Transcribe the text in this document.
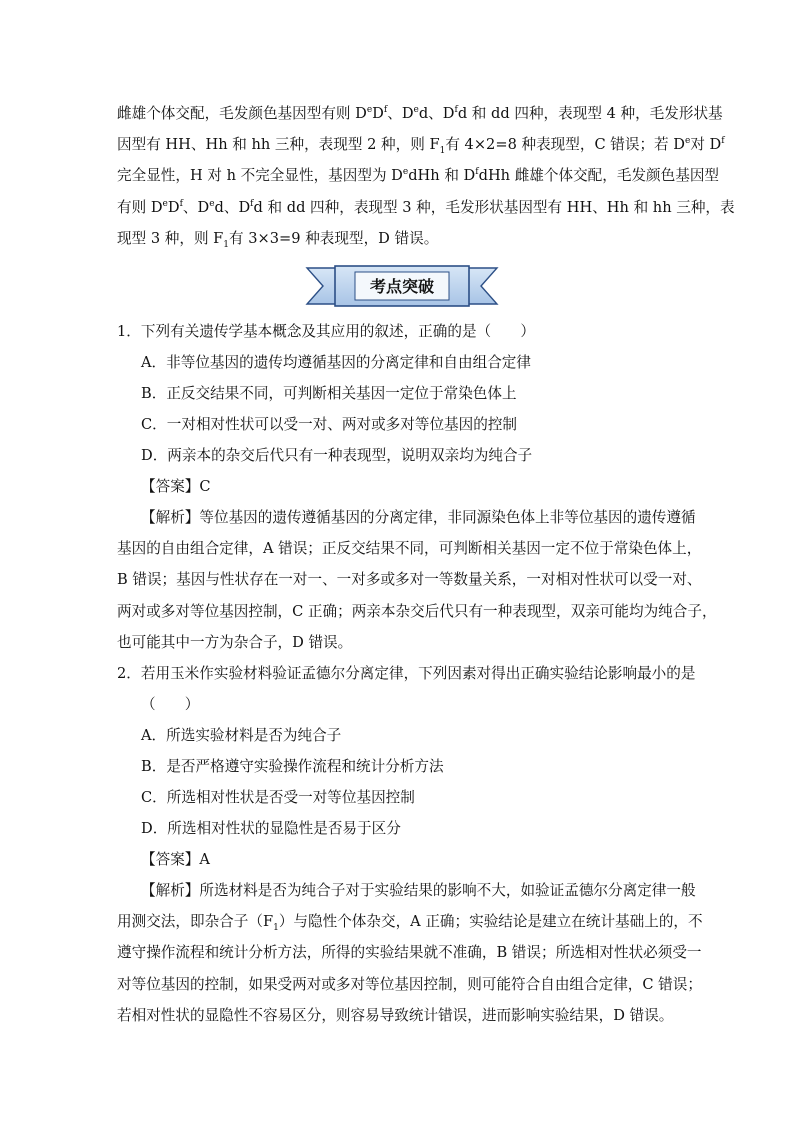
雌雄个体交配，毛发颜色基因型有则 $DeD^f$、Ded、$D^fd$ 和 dd 四种，表现型 4 种，毛发形状基
因型有 HH、Hh 和 hh 三种，表现型 2 种，则 $F_1$有 4×2=8 种表现型，C 错误；若 De对 $D^f$
完全显性，H 对 h 不完全显性，基因型为 DedHh 和 $D^fdHh$ 雌雄个体交配，毛发颜色基因型
有则 $DeD^f$、Ded、$D^fd$ 和 dd 四种，表现型 3 种，毛发形状基因型有 HH、Hh 和 hh 三种，表
现型 3 种，则 $F_1$有 3×3=9 种表现型，D 错误。
考点突破
1．下列有关遗传学基本概念及其应用的叙述，正确的是（　　）
A．非等位基因的遗传均遵循基因的分离定律和自由组合定律
B．正反交结果不同，可判断相关基因一定位于常染色体上
C．一对相对性状可以受一对、两对或多对等位基因的控制
D．两亲本的杂交后代只有一种表现型，说明双亲均为纯合子
【答案】C
【解析】等位基因的遗传遵循基因的分离定律，非同源染色体上非等位基因的遗传遵循
基因的自由组合定律，A 错误；正反交结果不同，可判断相关基因一定不位于常染色体上，
B 错误；基因与性状存在一对一、一对多或多对一等数量关系，一对相对性状可以受一对、
两对或多对等位基因控制，C 正确；两亲本杂交后代只有一种表现型，双亲可能均为纯合子，
也可能其中一方为杂合子，D 错误。
2．若用玉米作实验材料验证孟德尔分离定律，下列因素对得出正确实验结论影响最小的是
（　　）
A．所选实验材料是否为纯合子
B．是否严格遵守实验操作流程和统计分析方法
C．所选相对性状是否受一对等位基因控制
D．所选相对性状的显隐性是否易于区分
【答案】A
【解析】所选材料是否为纯合子对于实验结果的影响不大，如验证孟德尔分离定律一般
用测交法，即杂合子$(F_1)$与隐性个体杂交，A 正确；实验结论是建立在统计基础上的，不
遵守操作流程和统计分析方法，所得的实验结果就不准确，B 错误；所选相对性状必须受一
对等位基因的控制，如果受两对或多对等位基因控制，则可能符合自由组合定律，C 错误；
若相对性状的显隐性不容易区分，则容易导致统计错误，进而影响实验结果，D 错误。
